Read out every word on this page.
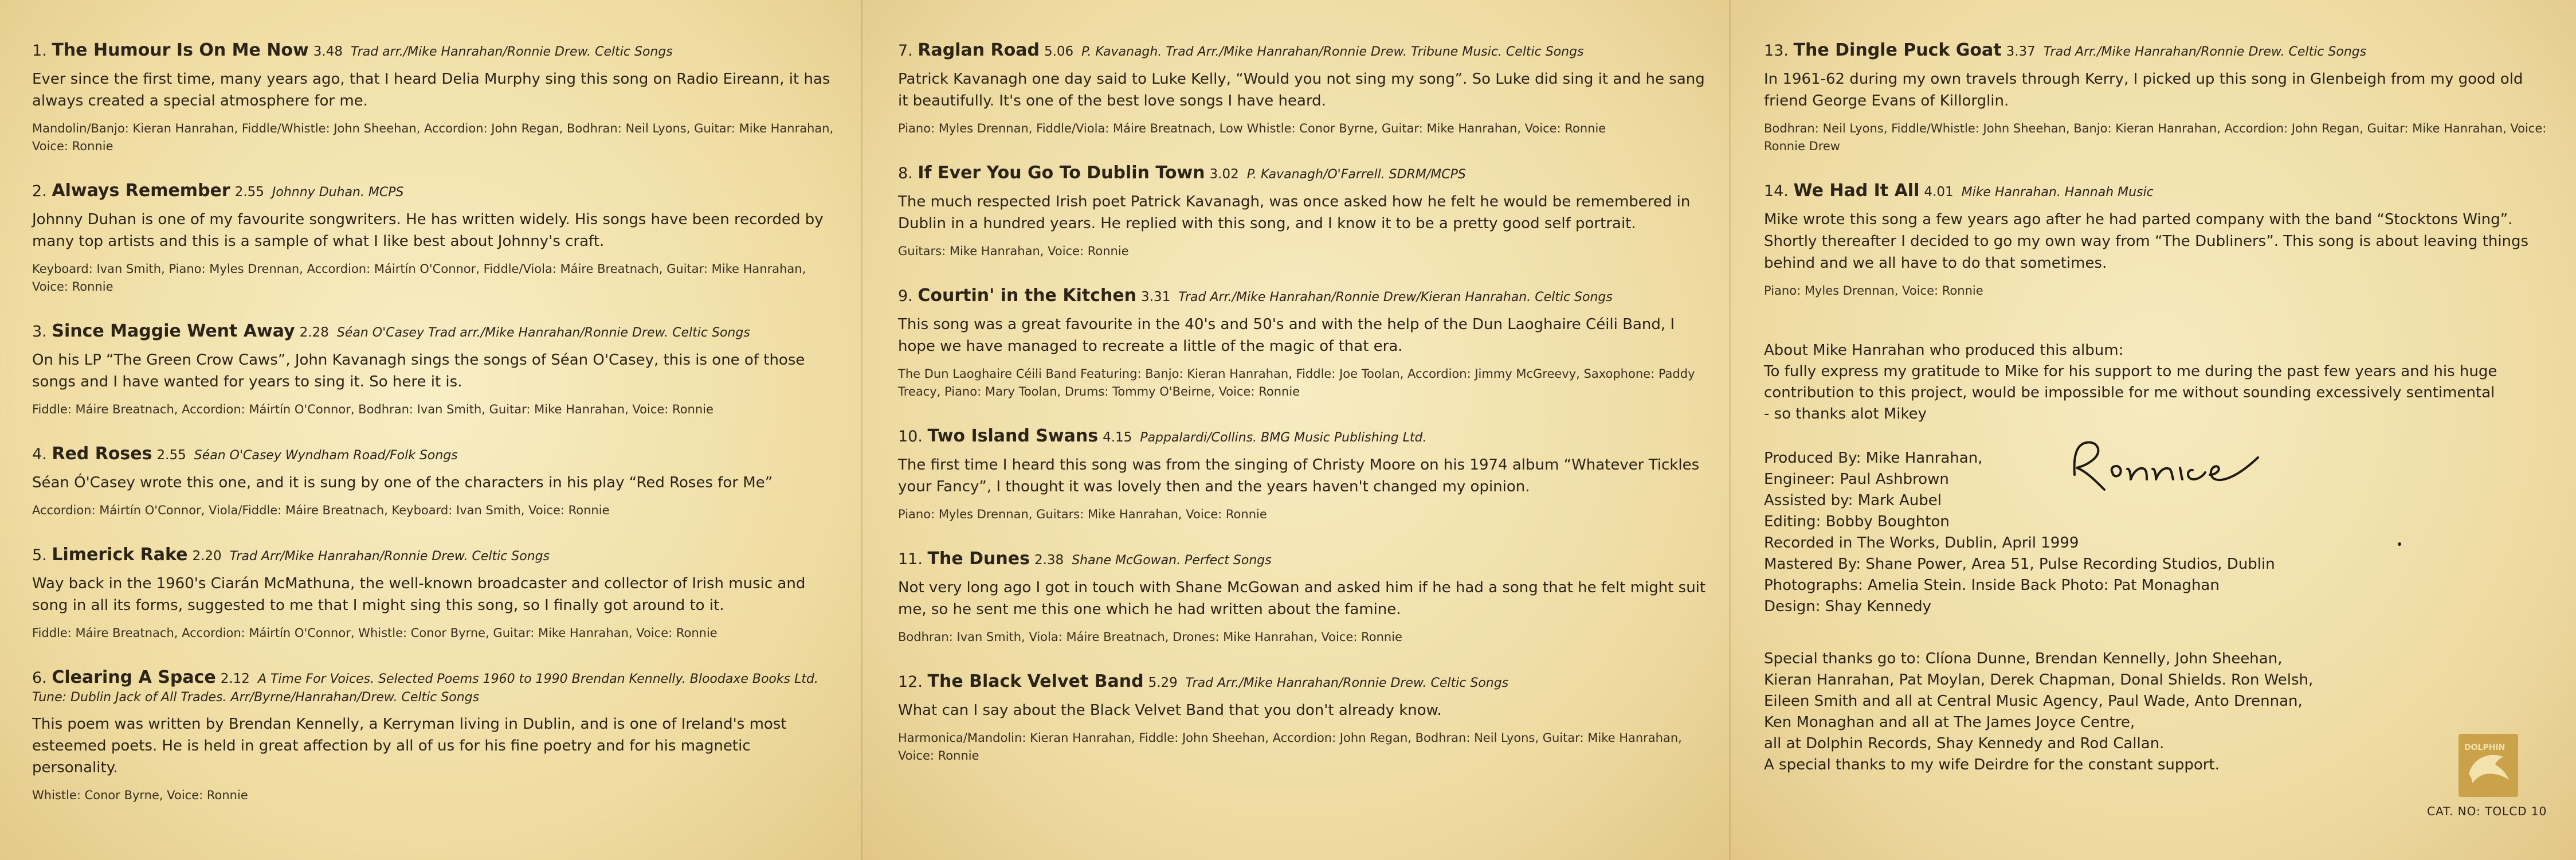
1. The Humour Is On Me Now 3.48 Trad arr./Mike Hanrahan/Ronnie Drew. Celtic Songs

Ever since the first time, many years ago, that I heard Delia Murphy sing this song on Radio Eireann, it has always created a special atmosphere for me.

Mandolin/Banjo: Kieran Hanrahan, Fiddle/Whistle: John Sheehan, Accordion: John Regan, Bodhran: Neil Lyons, Guitar: Mike Hanrahan, Voice: Ronnie

2. Always Remember 2.55 Johnny Duhan. MCPS

Johnny Duhan is one of my favourite songwriters. He has written widely. His songs have been recorded by many top artists and this is a sample of what I like best about Johnny's craft.

Keyboard: Ivan Smith, Piano: Myles Drennan, Accordion: Máirtín O'Connor, Fiddle/Viola: Máire Breatnach, Guitar: Mike Hanrahan, Voice: Ronnie

3. Since Maggie Went Away 2.28 Séan O'Casey Trad arr./Mike Hanrahan/Ronnie Drew. Celtic Songs

On his LP “The Green Crow Caws”, John Kavanagh sings the songs of Séan O'Casey, this is one of those songs and I have wanted for years to sing it. So here it is.

Fiddle: Máire Breatnach, Accordion: Máirtín O'Connor, Bodhran: Ivan Smith, Guitar: Mike Hanrahan, Voice: Ronnie

4. Red Roses 2.55 Séan O'Casey Wyndham Road/Folk Songs

Séan Ó'Casey wrote this one, and it is sung by one of the characters in his play “Red Roses for Me”

Accordion: Máirtín O'Connor, Viola/Fiddle: Máire Breatnach, Keyboard: Ivan Smith, Voice: Ronnie

5. Limerick Rake 2.20 Trad Arr/Mike Hanrahan/Ronnie Drew. Celtic Songs

Way back in the 1960's Ciarán McMathuna, the well-known broadcaster and collector of Irish music and song in all its forms, suggested to me that I might sing this song, so I finally got around to it.

Fiddle: Máire Breatnach, Accordion: Máirtín O'Connor, Whistle: Conor Byrne, Guitar: Mike Hanrahan, Voice: Ronnie

6. Clearing A Space 2.12 A Time For Voices. Selected Poems 1960 to 1990 Brendan Kennelly. Bloodaxe Books Ltd. Tune: Dublin Jack of All Trades. Arr/Byrne/Hanrahan/Drew. Celtic Songs

This poem was written by Brendan Kennelly, a Kerryman living in Dublin, and is one of Ireland's most esteemed poets. He is held in great affection by all of us for his fine poetry and for his magnetic personality.

Whistle: Conor Byrne, Voice: Ronnie

7. Raglan Road 5.06 P. Kavanagh. Trad Arr./Mike Hanrahan/Ronnie Drew. Tribune Music. Celtic Songs

Patrick Kavanagh one day said to Luke Kelly, “Would you not sing my song”. So Luke did sing it and he sang it beautifully. It's one of the best love songs I have heard.

Piano: Myles Drennan, Fiddle/Viola: Máire Breatnach, Low Whistle: Conor Byrne, Guitar: Mike Hanrahan, Voice: Ronnie

8. If Ever You Go To Dublin Town 3.02 P. Kavanagh/O'Farrell. SDRM/MCPS

The much respected Irish poet Patrick Kavanagh, was once asked how he felt he would be remembered in Dublin in a hundred years. He replied with this song, and I know it to be a pretty good self portrait.

Guitars: Mike Hanrahan, Voice: Ronnie

9. Courtin' in the Kitchen 3.31 Trad Arr./Mike Hanrahan/Ronnie Drew/Kieran Hanrahan. Celtic Songs

This song was a great favourite in the 40's and 50's and with the help of the Dun Laoghaire Céili Band, I hope we have managed to recreate a little of the magic of that era.

The Dun Laoghaire Céili Band Featuring: Banjo: Kieran Hanrahan, Fiddle: Joe Toolan, Accordion: Jimmy McGreevy, Saxophone: Paddy Treacy, Piano: Mary Toolan, Drums: Tommy O'Beirne, Voice: Ronnie

10. Two Island Swans 4.15 Pappalardi/Collins. BMG Music Publishing Ltd.

The first time I heard this song was from the singing of Christy Moore on his 1974 album “Whatever Tickles your Fancy”, I thought it was lovely then and the years haven't changed my opinion.

Piano: Myles Drennan, Guitars: Mike Hanrahan, Voice: Ronnie

11. The Dunes 2.38 Shane McGowan. Perfect Songs

Not very long ago I got in touch with Shane McGowan and asked him if he had a song that he felt might suit me, so he sent me this one which he had written about the famine.

Bodhran: Ivan Smith, Viola: Máire Breatnach, Drones: Mike Hanrahan, Voice: Ronnie

12. The Black Velvet Band 5.29 Trad Arr./Mike Hanrahan/Ronnie Drew. Celtic Songs

What can I say about the Black Velvet Band that you don't already know.

Harmonica/Mandolin: Kieran Hanrahan, Fiddle: John Sheehan, Accordion: John Regan, Bodhran: Neil Lyons, Guitar: Mike Hanrahan, Voice: Ronnie

13. The Dingle Puck Goat 3.37 Trad Arr./Mike Hanrahan/Ronnie Drew. Celtic Songs

In 1961-62 during my own travels through Kerry, I picked up this song in Glenbeigh from my good old friend George Evans of Killorglin.

Bodhran: Neil Lyons, Fiddle/Whistle: John Sheehan, Banjo: Kieran Hanrahan, Accordion: John Regan, Guitar: Mike Hanrahan, Voice: Ronnie Drew

14. We Had It All 4.01 Mike Hanrahan. Hannah Music

Mike wrote this song a few years ago after he had parted company with the band “Stocktons Wing”. Shortly thereafter I decided to go my own way from “The Dubliners”. This song is about leaving things behind and we all have to do that sometimes.

Piano: Myles Drennan, Voice: Ronnie

About Mike Hanrahan who produced this album:
To fully express my gratitude to Mike for his support to me during the past few years and his huge contribution to this project, would be impossible for me without sounding excessively sentimental - so thanks alot Mikey
Produced By: Mike Hanrahan,
Engineer: Paul Ashbrown
Assisted by: Mark Aubel
Editing: Bobby Boughton
Recorded in The Works, Dublin, April 1999
Mastered By: Shane Power, Area 51, Pulse Recording Studios, Dublin
Photographs: Amelia Stein. Inside Back Photo: Pat Monaghan
Design: Shay Kennedy
Special thanks go to: Clíona Dunne, Brendan Kennelly, John Sheehan,
Kieran Hanrahan, Pat Moylan, Derek Chapman, Donal Shields. Ron Welsh,
Eileen Smith and all at Central Music Agency, Paul Wade, Anto Drennan,
Ken Monaghan and all at The James Joyce Centre,
all at Dolphin Records, Shay Kennedy and Rod Callan.
A special thanks to my wife Deirdre for the constant support.
DOLPHIN
CAT. NO: TOLCD 10
